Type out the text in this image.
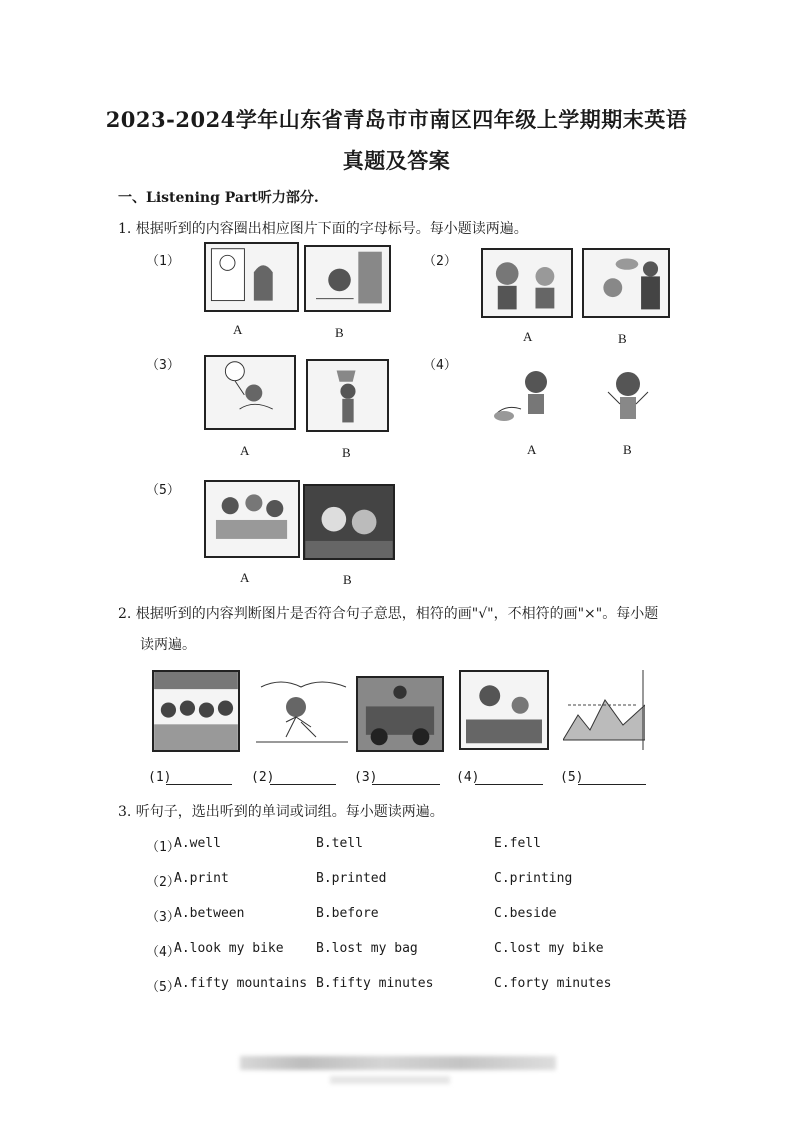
2023-2024学年山东省青岛市市南区四年级上学期期末英语
真题及答案
一、Listening Part听力部分.
1. 根据听到的内容圈出相应图片下面的字母标号。每小题读两遍。
（1）	（2）
（3）	（4）
（5）
A	B	A	B
A	B	A	B
A	B
2. 根据听到的内容判断图片是否符合句子意思，相符的画"√"，不相符的画"×"。每小题
读两遍。
(1)	(2)	(3)	(4)	(5)
3. 听句子，选出听到的单词或词组。每小题读两遍。
（1）
A.well	B.tell	E.fell
（2）
A.print	B.printed	C.printing
（3）
A.between	B.before	C.beside
（4）
A.look my bike B.lost my bag	C.lost my bike
（5）
A.fifty mountains B.fifty minutes	C.forty minutes
